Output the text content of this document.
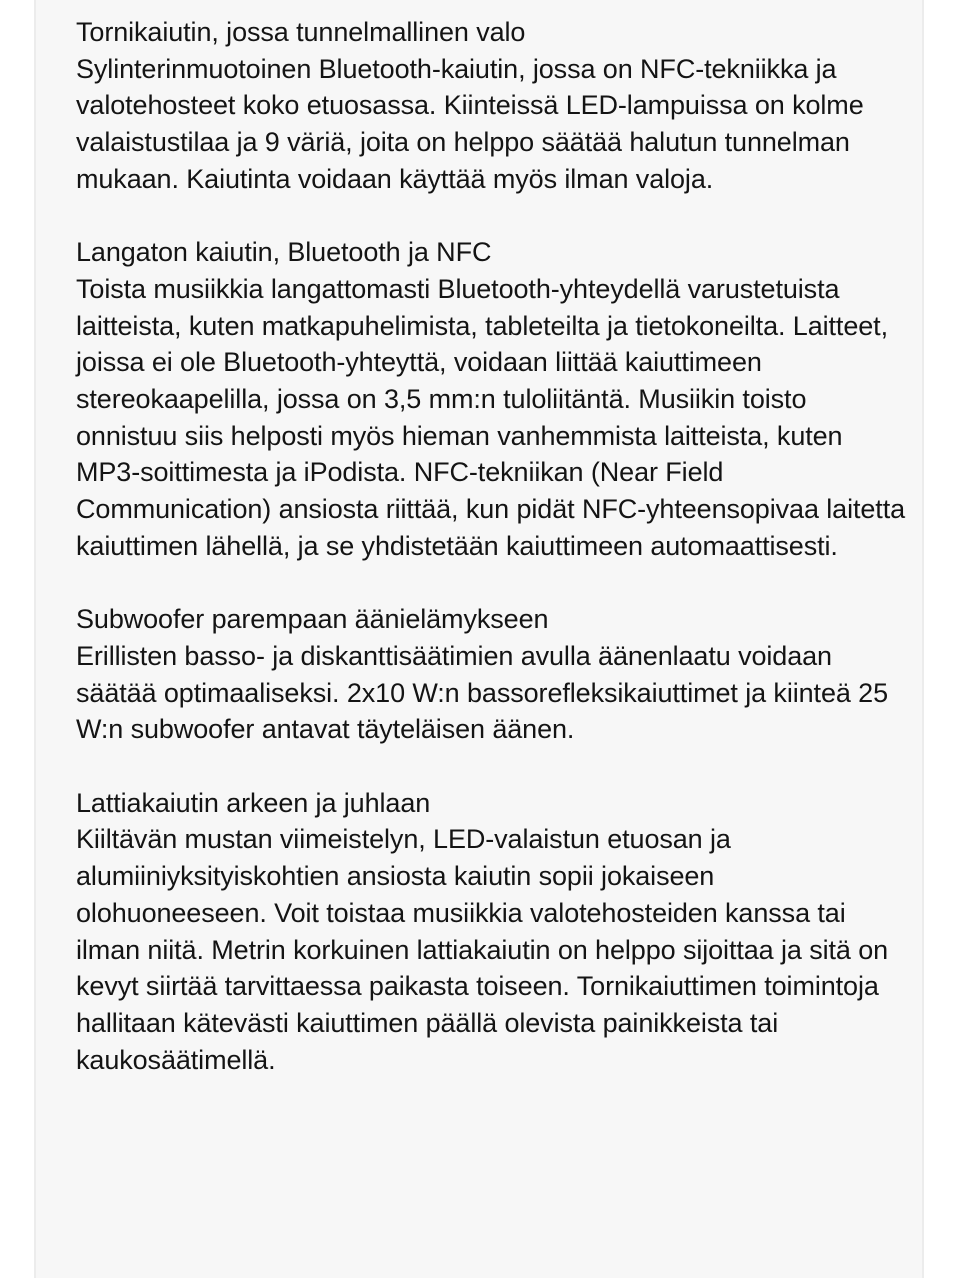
Tornikaiutin, jossa tunnelmallinen valo

Sylinterinmuotoinen Bluetooth-kaiutin, jossa on NFC-tekniikka ja valotehosteet koko etuosassa. Kiinteissä LED-lampuissa on kolme valaistustilaa ja 9 väriä, joita on helppo säätää halutun tunnelman mukaan. Kaiutinta voidaan käyttää myös ilman valoja.

Langaton kaiutin, Bluetooth ja NFC

Toista musiikkia langattomasti Bluetooth-yhteydellä varustetuista laitteista, kuten matkapuhelimista, tableteilta ja tietokoneilta. Laitteet, joissa ei ole Bluetooth-yhteyttä, voidaan liittää kaiuttimeen stereokaapelilla, jossa on 3,5 mm:n tuloliitäntä. Musiikin toisto onnistuu siis helposti myös hieman vanhemmista laitteista, kuten MP3-soittimesta ja iPodista. NFC-tekniikan (Near Field Communication) ansiosta riittää, kun pidät NFC-yhteensopivaa laitetta kaiuttimen lähellä, ja se yhdistetään kaiuttimeen automaattisesti.

Subwoofer parempaan äänielämykseen

Erillisten basso- ja diskanttisäätimien avulla äänenlaatu voidaan säätää optimaaliseksi. 2x10 W:n bassorefleksikaiuttimet ja kiinteä 25 W:n subwoofer antavat täyteläisen äänen.

Lattiakaiutin arkeen ja juhlaan

Kiiltävän mustan viimeistelyn, LED-valaistun etuosan ja alumiiniyksityiskohtien ansiosta kaiutin sopii jokaiseen olohuoneeseen. Voit toistaa musiikkia valotehosteiden kanssa tai ilman niitä. Metrin korkuinen lattiakaiutin on helppo sijoittaa ja sitä on kevyt siirtää tarvittaessa paikasta toiseen. Tornikaiuttimen toimintoja hallitaan kätevästi kaiuttimen päällä olevista painikkeista tai kaukosäätimellä.
